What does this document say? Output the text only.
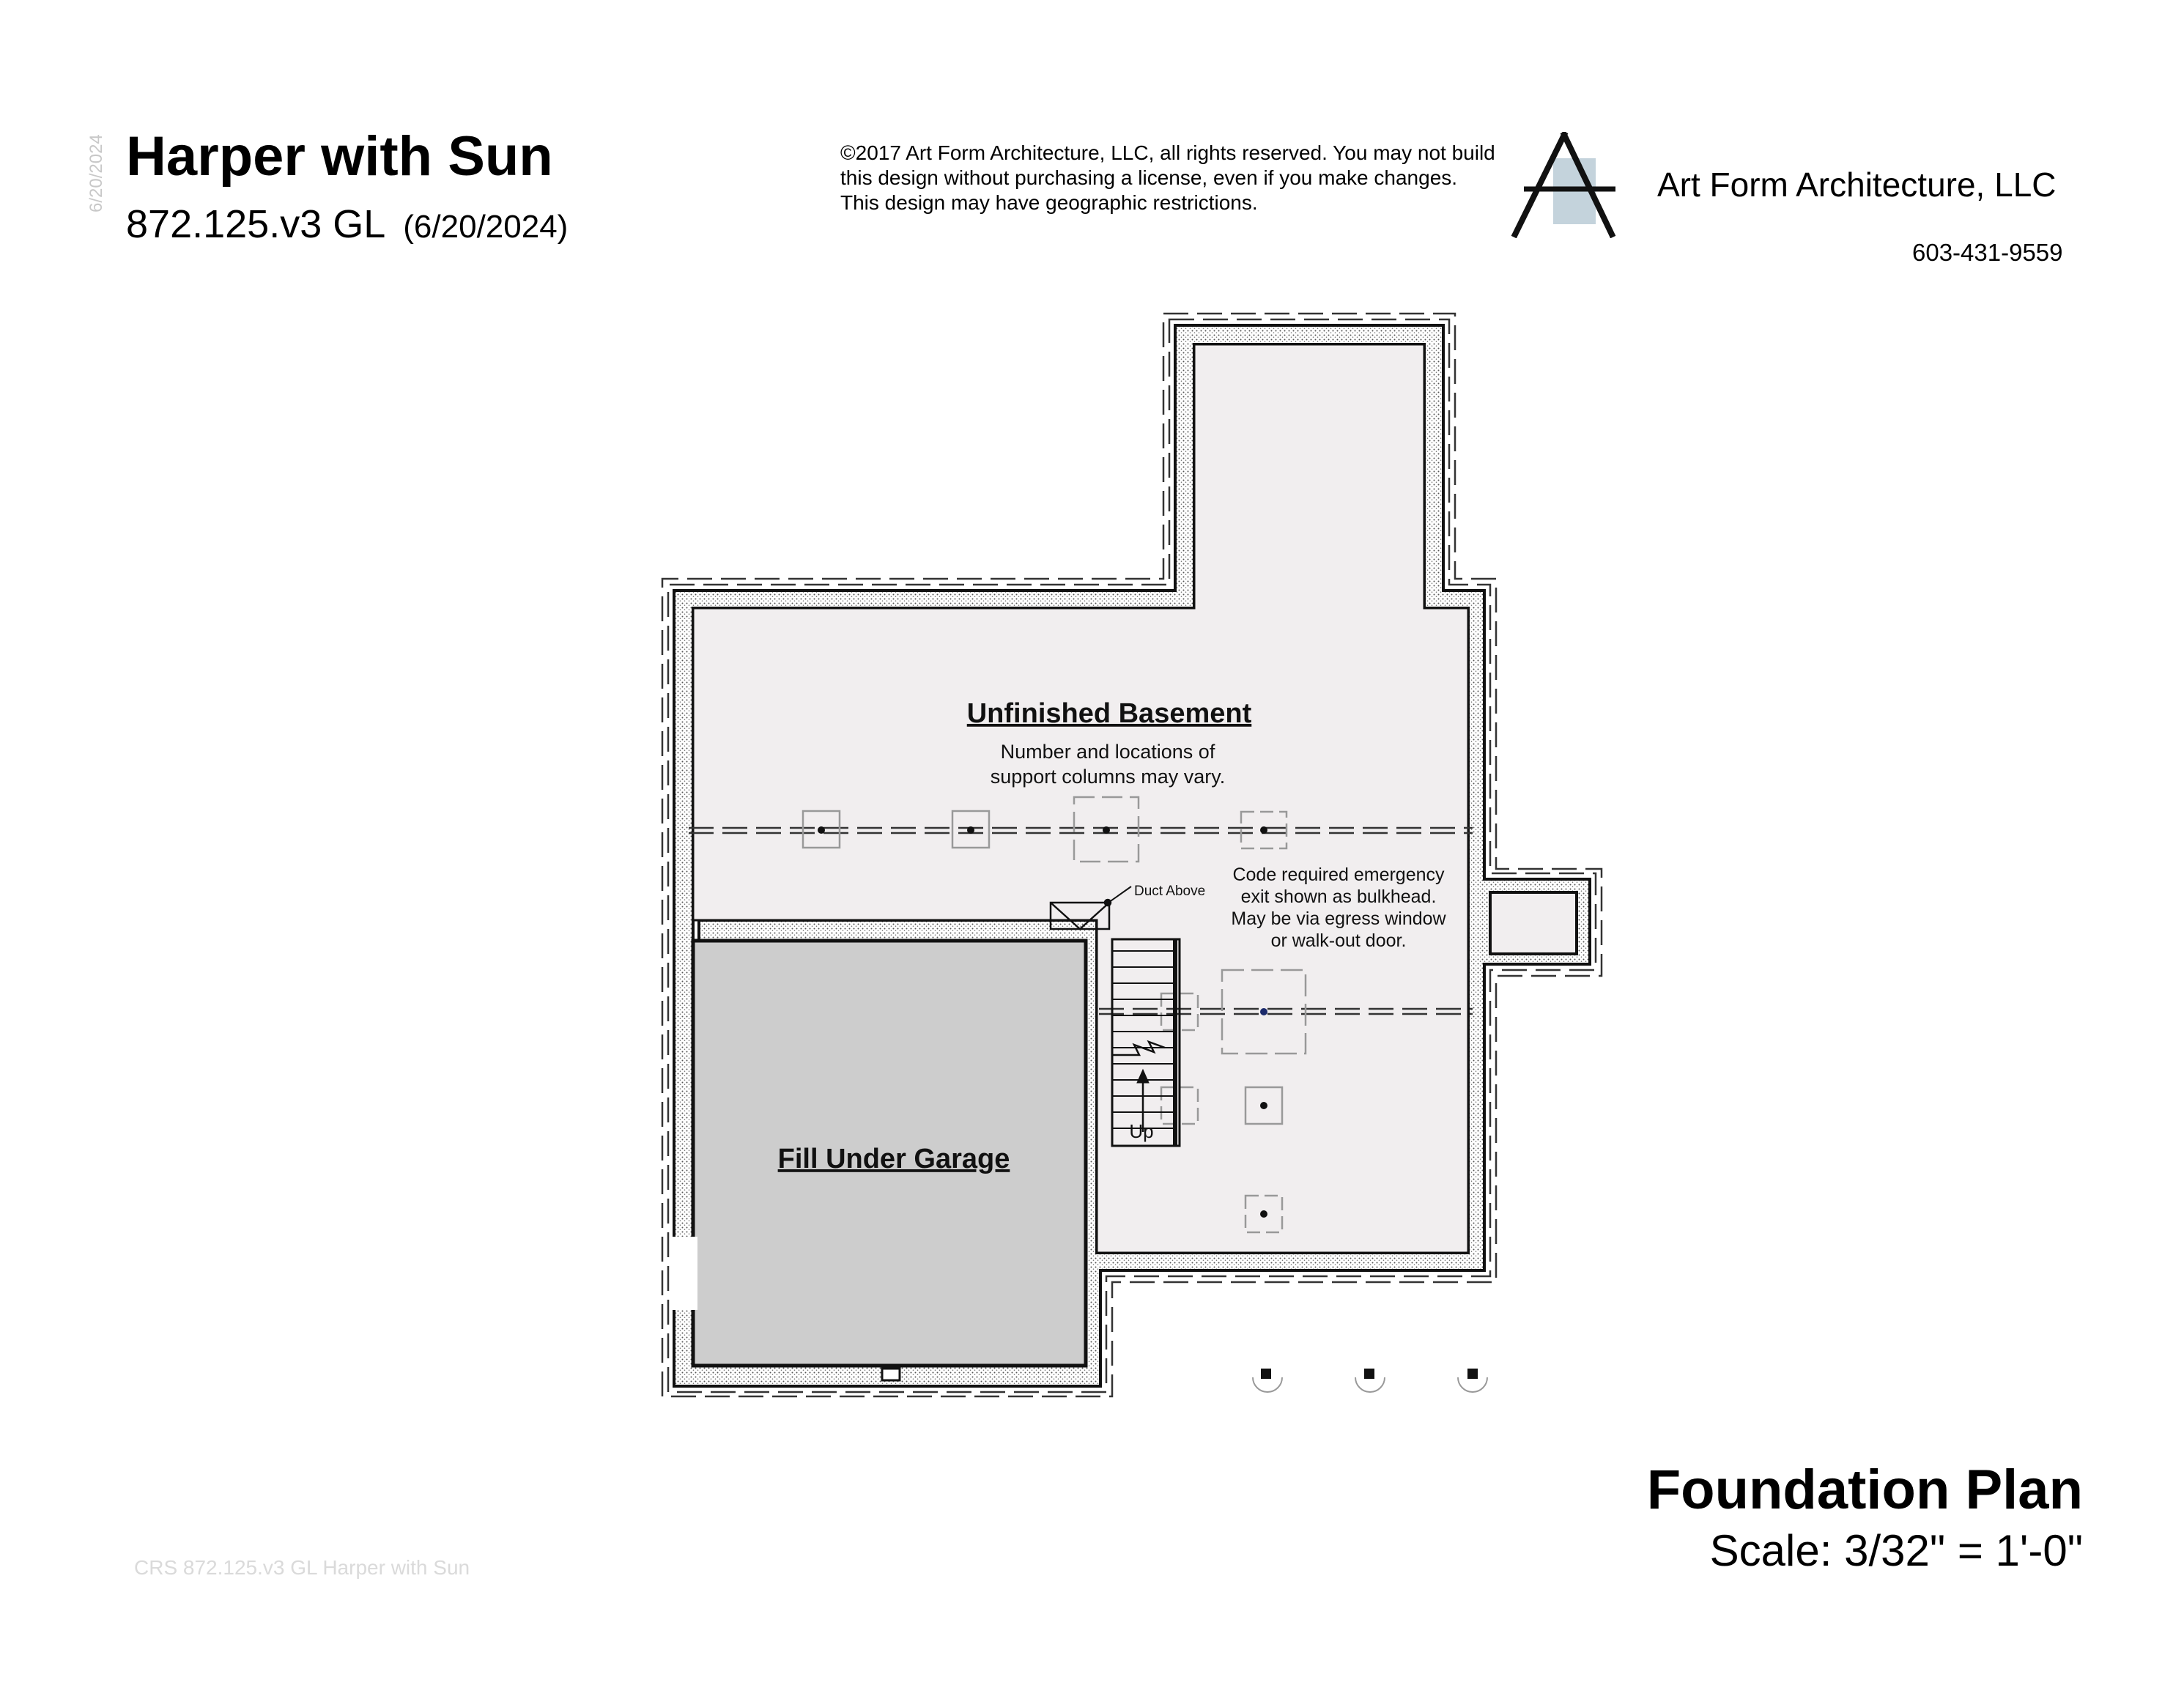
6/20/2024 Harper with Sun
872.125.v3 GL (6/20/2024)
©2017 Art Form Architecture, LLC, all rights reserved. You may not build this design without purchasing a license, even if you make changes. This design may have geographic restrictions.	Art Form Architecture, LLC
603-431-9559
Unfinished Basement
Number and locations of
support columns may vary.
Duct Above
Code required emergency
exit shown as bulkhead.
May be via egress window
or walk-out door.
Fill Under Garage
Up
Foundation Plan
Scale: 3/32" = 1'-0"
CRS 872.125.v3 GL Harper with Sun
